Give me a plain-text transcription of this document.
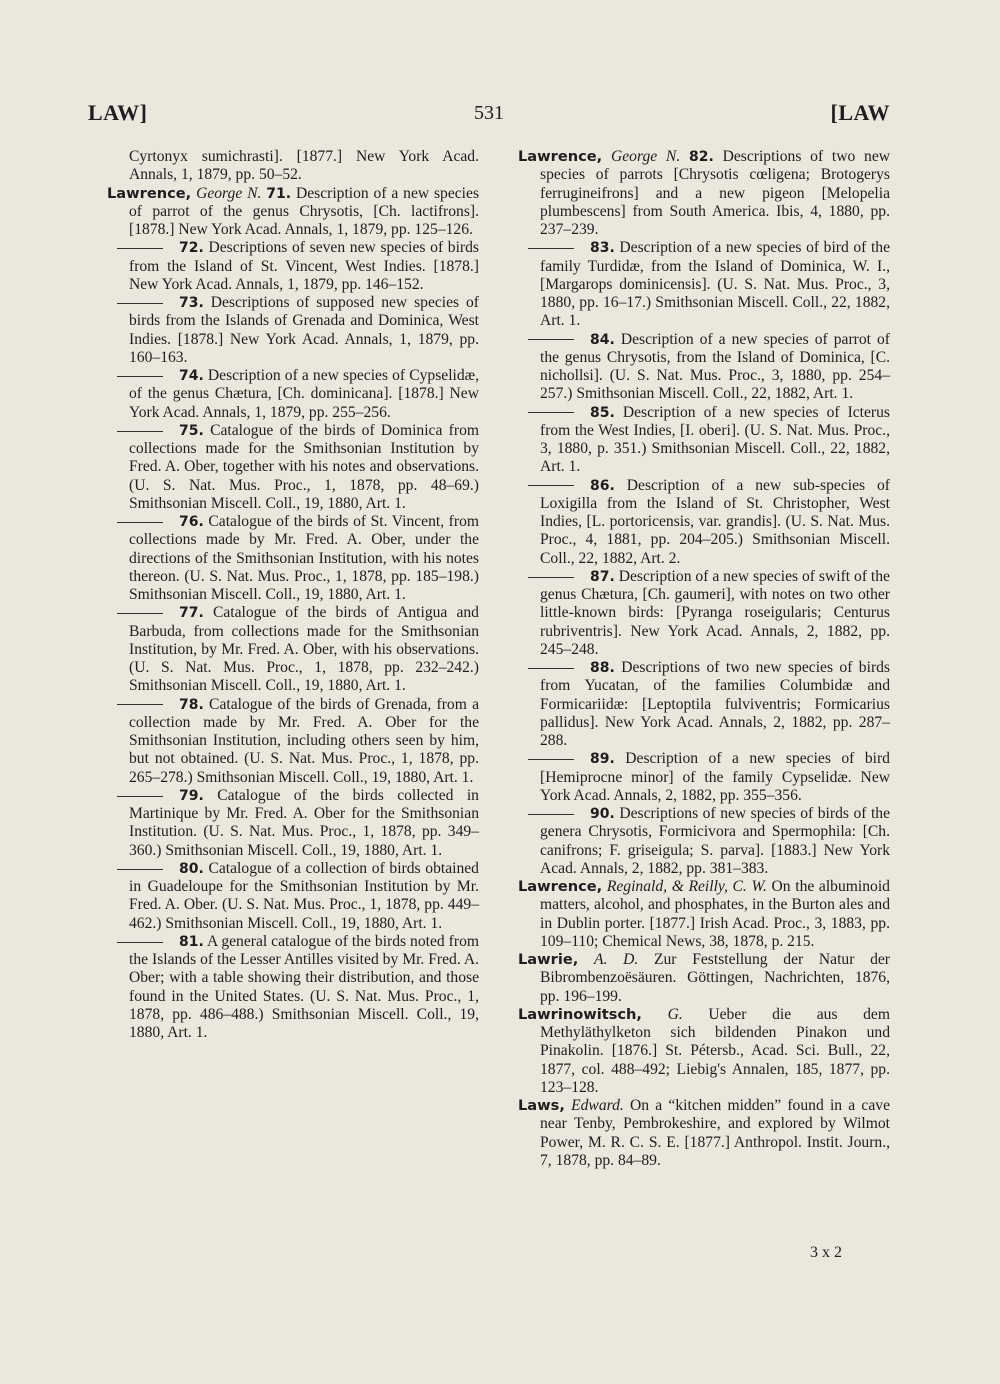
LAW]	531	[LAW
Cyrtonyx sumichrasti]. [1877.] New York Acad. Annals, 1, 1879, pp. 50–52.
Lawrence, George N. 71. Description of a new species of parrot of the genus Chrysotis, [Ch. lactifrons]. [1878.] New York Acad. Annals, 1, 1879, pp. 125–126.
72. Descriptions of seven new species of birds from the Island of St. Vincent, West Indies. [1878.] New York Acad. Annals, 1, 1879, pp. 146–152.
73. Descriptions of supposed new species of birds from the Islands of Grenada and Dominica, West Indies. [1878.] New York Acad. Annals, 1, 1879, pp. 160–163.
74. Description of a new species of Cypselidæ, of the genus Chætura, [Ch. dominicana]. [1878.] New York Acad. Annals, 1, 1879, pp. 255–256.
75. Catalogue of the birds of Dominica from collections made for the Smithsonian Institution by Fred. A. Ober, together with his notes and observations. (U. S. Nat. Mus. Proc., 1, 1878, pp. 48–69.) Smithsonian Miscell. Coll., 19, 1880, Art. 1.
76. Catalogue of the birds of St. Vincent, from collections made by Mr. Fred. A. Ober, under the directions of the Smithsonian Institution, with his notes thereon. (U. S. Nat. Mus. Proc., 1, 1878, pp. 185–198.) Smithsonian Miscell. Coll., 19, 1880, Art. 1.
77. Catalogue of the birds of Antigua and Barbuda, from collections made for the Smithsonian Institution, by Mr. Fred. A. Ober, with his observations. (U. S. Nat. Mus. Proc., 1, 1878, pp. 232–242.) Smithsonian Miscell. Coll., 19, 1880, Art. 1.
78. Catalogue of the birds of Grenada, from a collection made by Mr. Fred. A. Ober for the Smithsonian Institution, including others seen by him, but not obtained. (U. S. Nat. Mus. Proc., 1, 1878, pp. 265–278.) Smithsonian Miscell. Coll., 19, 1880, Art. 1.
79. Catalogue of the birds collected in Martinique by Mr. Fred. A. Ober for the Smithsonian Institution. (U. S. Nat. Mus. Proc., 1, 1878, pp. 349–360.) Smithsonian Miscell. Coll., 19, 1880, Art. 1.
80. Catalogue of a collection of birds obtained in Guadeloupe for the Smithsonian Institution by Mr. Fred. A. Ober. (U. S. Nat. Mus. Proc., 1, 1878, pp. 449–462.) Smithsonian Miscell. Coll., 19, 1880, Art. 1.
81. A general catalogue of the birds noted from the Islands of the Lesser Antilles visited by Mr. Fred. A. Ober; with a table showing their distribution, and those found in the United States. (U. S. Nat. Mus. Proc., 1, 1878, pp. 486–488.) Smithsonian Miscell. Coll., 19, 1880, Art. 1.
Lawrence, George N. 82. Descriptions of two new species of parrots [Chrysotis cœligena; Brotogerys ferrugineifrons] and a new pigeon [Melopelia plumbescens] from South America. Ibis, 4, 1880, pp. 237–239.
83. Description of a new species of bird of the family Turdidæ, from the Island of Dominica, W. I., [Margarops dominicensis]. (U. S. Nat. Mus. Proc., 3, 1880, pp. 16–17.) Smithsonian Miscell. Coll., 22, 1882, Art. 1.
84. Description of a new species of parrot of the genus Chrysotis, from the Island of Dominica, [C. nichollsi]. (U. S. Nat. Mus. Proc., 3, 1880, pp. 254–257.) Smithsonian Miscell. Coll., 22, 1882, Art. 1.
85. Description of a new species of Icterus from the West Indies, [I. oberi]. (U. S. Nat. Mus. Proc., 3, 1880, p. 351.) Smithsonian Miscell. Coll., 22, 1882, Art. 1.
86. Description of a new sub-species of Loxigilla from the Island of St. Christopher, West Indies, [L. portoricensis, var. grandis]. (U. S. Nat. Mus. Proc., 4, 1881, pp. 204–205.) Smithsonian Miscell. Coll., 22, 1882, Art. 2.
87. Description of a new species of swift of the genus Chætura, [Ch. gaumeri], with notes on two other little-known birds: [Pyranga roseigularis; Centurus rubriventris]. New York Acad. Annals, 2, 1882, pp. 245–248.
88. Descriptions of two new species of birds from Yucatan, of the families Columbidæ and Formicariidæ: [Leptoptila fulviventris; Formicarius pallidus]. New York Acad. Annals, 2, 1882, pp. 287–288.
89. Description of a new species of bird [Hemiprocne minor] of the family Cypselidæ. New York Acad. Annals, 2, 1882, pp. 355–356.
90. Descriptions of new species of birds of the genera Chrysotis, Formicivora and Spermophila: [Ch. canifrons; F. griseigula; S. parva]. [1883.] New York Acad. Annals, 2, 1882, pp. 381–383.
Lawrence, Reginald, & Reilly, C. W. On the albuminoid matters, alcohol, and phosphates, in the Burton ales and in Dublin porter. [1877.] Irish Acad. Proc., 3, 1883, pp. 109–110; Chemical News, 38, 1878, p. 215.
Lawrie, A. D. Zur Feststellung der Natur der Bibrombenzoësäuren. Göttingen, Nachrichten, 1876, pp. 196–199.
Lawrinowitsch, G. Ueber die aus dem Methyläthylketon sich bildenden Pinakon und Pinakolin. [1876.] St. Pétersb., Acad. Sci. Bull., 22, 1877, col. 488–492; Liebig's Annalen, 185, 1877, pp. 123–128.
Laws, Edward. On a “kitchen midden” found in a cave near Tenby, Pembrokeshire, and explored by Wilmot Power, M. R. C. S. E. [1877.] Anthropol. Instit. Journ., 7, 1878, pp. 84–89.
3 x 2
